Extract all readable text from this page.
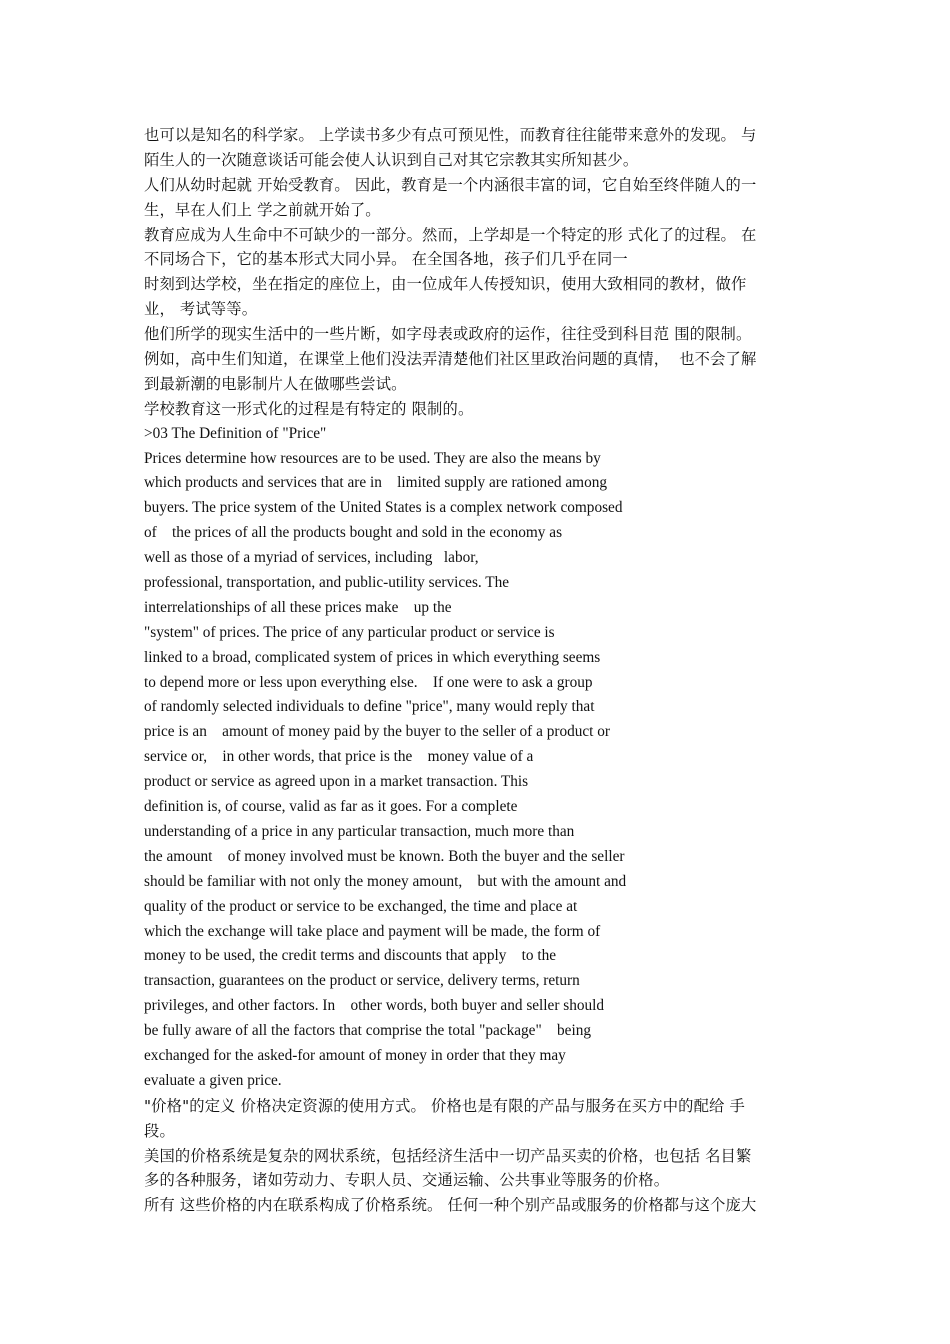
也可以是知名的科学家。 上学读书多少有点可预见性，而教育往往能带来意外的发现。 与
陌生人的一次随意谈话可能会使人认识到自己对其它宗教其实所知甚少。
人们从幼时起就 开始受教育。 因此，教育是一个内涵很丰富的词，它自始至终伴随人的一
生，早在人们上 学之前就开始了。
教育应成为人生命中不可缺少的一部分。然而，上学却是一个特定的形 式化了的过程。 在
不同场合下，它的基本形式大同小异。 在全国各地，孩子们几乎在同一
时刻到达学校，坐在指定的座位上，由一位成年人传授知识，使用大致相同的教材，做作
业， 考试等等。
他们所学的现实生活中的一些片断，如字母表或政府的运作，往往受到科目范 围的限制。
例如，高中生们知道，在课堂上他们没法弄清楚他们社区里政治问题的真情，  也不会了解
到最新潮的电影制片人在做哪些尝试。
学校教育这一形式化的过程是有特定的 限制的。
>03 The Definition of "Price"
Prices determine how resources are to be used. They are also the means by
which products and services that are in    limited supply are rationed among
buyers. The price system of the United States is a complex network composed
of    the prices of all the products bought and sold in the economy as
well as those of a myriad of services, including   labor,
professional, transportation, and public-utility services. The
interrelationships of all these prices make    up the
"system" of prices. The price of any particular product or service is
linked to a broad, complicated system of prices in which everything seems
to depend more or less upon everything else.    If one were to ask a group
of randomly selected individuals to define "price", many would reply that
price is an    amount of money paid by the buyer to the seller of a product or
service or,    in other words, that price is the    money value of a
product or service as agreed upon in a market transaction. This
definition is, of course, valid as far as it goes. For a complete
understanding of a price in any particular transaction, much more than
the amount    of money involved must be known. Both the buyer and the seller
should be familiar with not only the money amount,    but with the amount and
quality of the product or service to be exchanged, the time and place at
which the exchange will take place and payment will be made, the form of
money to be used, the credit terms and discounts that apply    to the
transaction, guarantees on the product or service, delivery terms, return
privileges, and other factors. In    other words, both buyer and seller should
be fully aware of all the factors that comprise the total "package"    being
exchanged for the asked-for amount of money in order that they may
evaluate a given price.
"价格"的定义 价格决定资源的使用方式。 价格也是有限的产品与服务在买方中的配给 手
段。
美国的价格系统是复杂的网状系统，包括经济生活中一切产品买卖的价格，也包括 名目繁
多的各种服务，诸如劳动力、专职人员、交通运输、公共事业等服务的价格。
所有 这些价格的内在联系构成了价格系统。 任何一种个别产品或服务的价格都与这个庞大
